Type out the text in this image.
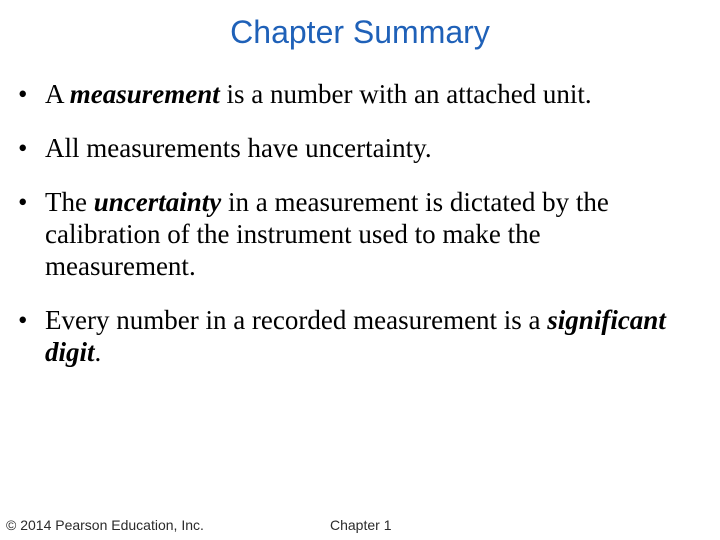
Chapter Summary
• A measurement is a number with an attached unit.
• All measurements have uncertainty.
• The uncertainty in a measurement is dictated by the calibration of the instrument used to make the measurement.
• Every number in a recorded measurement is a significant digit.

© 2014 Pearson Education, Inc.	Chapter 1
